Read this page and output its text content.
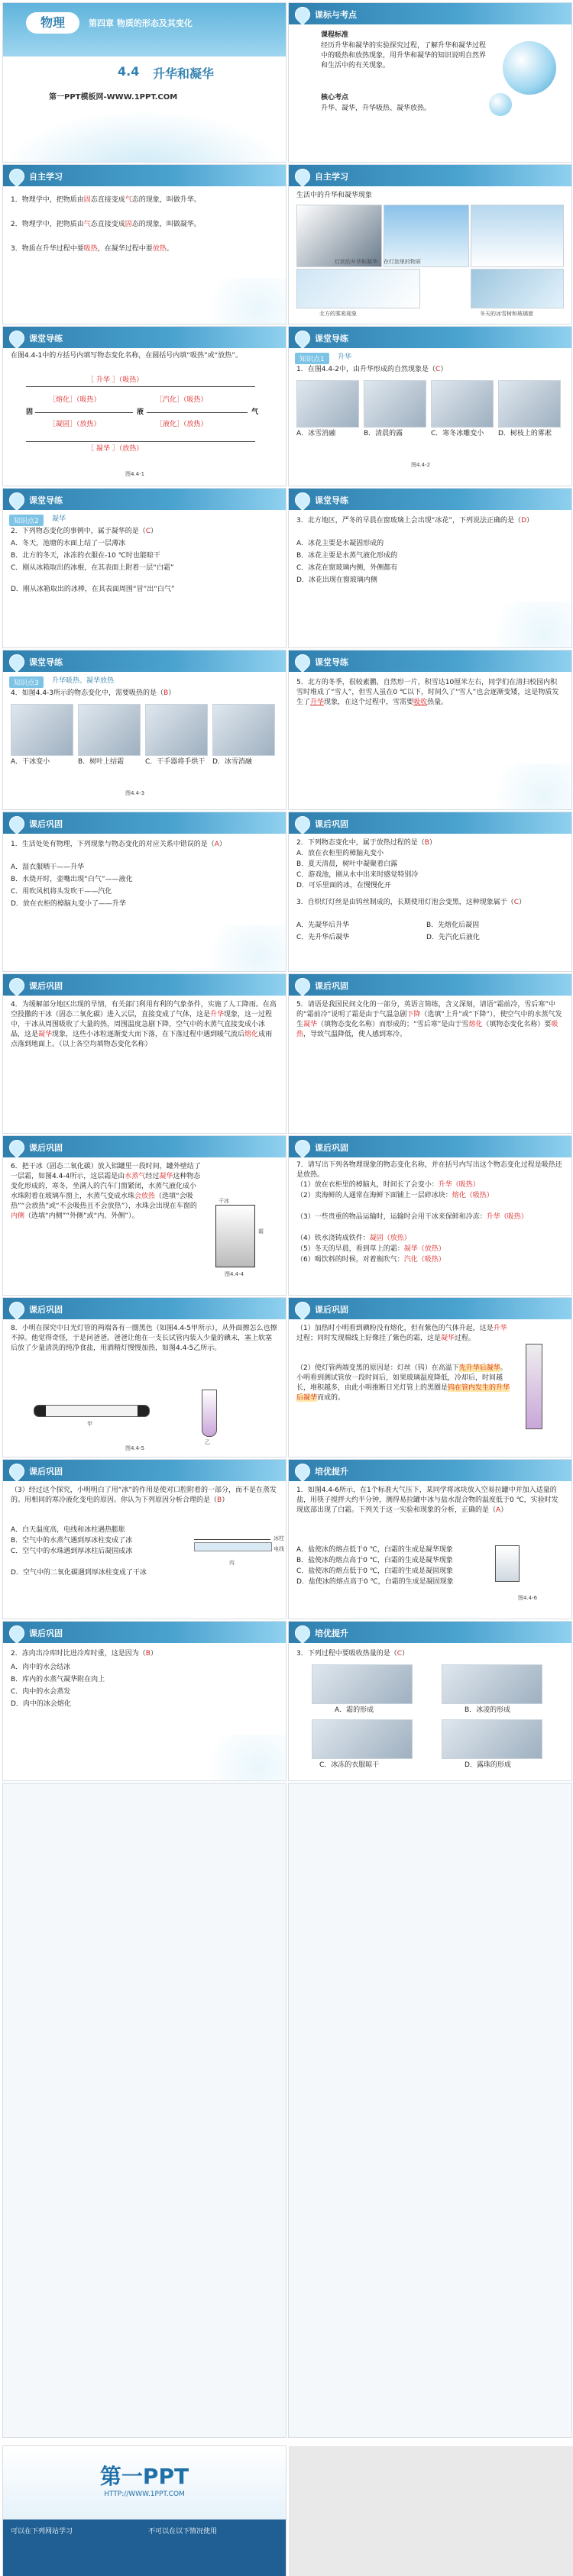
物理	第四章 物质的形态及其变化
4.4 升华和凝华
第一PPT模板网-WWW.1PPT.COM
课标与考点
课程标准
经历升华和凝华的实验探究过程，了解升华和凝华过程中的吸热和放热现象，用升华和凝华的知识说明自然界和生活中的有关现象。
核心考点
升华、凝华，升华吸热、凝华放热。
自主学习
1．物理学中，把物质由固态直接变成气态的现象，叫做升华。
2．物理学中，把物质由气态直接变成固态的现象，叫做凝华。
3．物质在升华过程中要吸热，在凝华过程中要放热。
自主学习
生活中的升华和凝华现象
灯丝的升华和凝华 在灯泡里的物质
北方的雾凇现象	冬天的冰雪树和玻璃窗
课堂导练
在图4.4-1中的方括号内填写物态变化名称，在圆括号内填“吸热”或“放热”。
［ 升华 ］（吸热）
［熔化］（吸热）	［汽化］（吸热）
固	液	气
［凝固］（放热）	［液化］（放热）
［ 凝华 ］（放热）
图4.4-1
课堂导练
知识点1	升华
1．在图4.4-2中，由升华形成的自然现象是（C）
A．冰雪消融	B．清晨的露	C．寒冬冰雕变小	D．树枝上的雾凇
图4.4-2
课堂导练
知识点2	凝华
2．下列物态变化的事例中，属于凝华的是（C）
A．冬天，池塘的水面上结了一层薄冰
B．北方的冬天，冰冻的衣服在-10 ℃时也能晾干
C．刚从冰箱取出的冰棍，在其表面上附着一层“白霜”
D．刚从冰箱取出的冰棒，在其表面周围“冒”出“白气”
课堂导练
3．北方地区，严冬的早晨在窗玻璃上会出现“冰花”，下列说法正确的是（D）
A．冰花主要是水凝固形成的
B．冰花主要是水蒸气液化形成的
C．冰花在窗玻璃内侧，外侧都有
D．冰花出现在窗玻璃内侧
课堂导练
知识点3	升华吸热、凝华放热
4．如图4.4-3所示的物态变化中，需要吸热的是（B）
A．干冰变小	B．树叶上结霜	C．干手器将手烘干 D．冰雪消融
图4.4-3
课堂导练
5．北方的冬季，很较素鹏，自然形一片，积雪达10厘米左右，同学们在清扫校园内积雪时堆成了“雪人”，但雪人虽在0 ℃以下，时间久了“雪人”也会逐渐变矮，这是物质发生了升华现象，在这个过程中，雪需要吸收热量。
课后巩固
1．生活处处有物理，下列现象与物态变化的对应关系中错误的是（A）
A．湿衣服晒干——升华
B．水烧开时，壶嘴出现“白气”——液化
C．用吹风机将头发吹干——汽化
D．放在衣柜的樟脑丸变小了——升华
课后巩固
2．下列物态变化中，属于放热过程的是（B）
A．放在衣柜里的樟脑丸变小
B．夏天清晨，树叶中凝聚着白露
C．游戏池，刚从水中出来时感觉特别冷
D．可乐里面的冰，在慢慢化开
3．自炽灯灯丝是由钨丝制成的，长期使用灯泡会变黑，这种现象属于（C）
A．先凝华后升华	B．先熔化后凝固
C．先升华后凝华	D．先汽化后液化
课后巩固
4．为缓解部分地区出现的旱情，有关部门利用有利的气象条件，实施了人工降雨。在高空投撒的干冰（固态二氧化碳）进入云层，直接变成了气体，这是升华现象，这一过程中，干冰从周围吸收了大量的热，周围温度急剧下降，空气中的水蒸气直接变成小冰晶，这是凝华现象，这些小冰粒逐渐变大而下落，在下落过程中遇到暖气流后熔化成雨点落到地面上。（以上各空均填物态变化名称）
课后巩固
5．请语是我国民间文化的一部分，英语言简练，含义深刻，请语“霜前冷，雪后寒”中的“霜前冷”说明了霜是由于气温急剧下降（选填“上升”或“下降”），使空气中的水蒸气发生凝华（填物态变化名称）而形成的；“雪后寒”是由于雪熔化（填物态变化名称）要吸热，导致气温降低，使人感到寒冷。
课后巩固
6．把干冰（固态二氧化碳）放入铝罐里一段时间，罐外壁结了一层霜，如图4.4-4所示，这层霜是由水蒸气经过凝华这种物态变化形成的，寒冬，坐满人的汽车门窗紧闭，水蒸气液化成小水珠附着在玻璃车窗上，水蒸气变成水珠会放热（选填“会吸热”“会放热”或“不会吸热且不会放热”），水珠会出现在车窗的内侧（选填“内侧”“外侧”或“内、外侧”）。
干冰
霜
图4.4-4
课后巩固
7．请写出下列各物理现象的物态变化名称，并在括号内写出这个物态变化过程是吸热还是放热。
（1）放在衣柜里的樟脑丸，时间长了会变小：升华（吸热）
（2）卖海鲜的人通常在海鲜下面铺上一层碎冰块：熔化（吸热）
（3）一些贵重的物品运输时，运输时会用干冰来保鲜和冷冻：升华（吸热）
（4）铁水浇铸成铁件：凝固（放热）
（5）冬天的早晨，看到草上的霜：凝华（放热）
（6）喝饮料的时候，对着瓶吹气：汽化（吸热）
课后巩固
8．小明在探究中日光灯管的两端各有一圈黑色（如图4.4-5甲所示），从外面擦怎么也擦不掉。他觉得奇怪，于是问爸爸。爸爸让他在一支长试管内装入少量的碘末，塞上软塞后放了少量清洗的纯净食盐，用酒精灯慢慢加热，如图4.4-5乙所示。
甲
乙
图4.4-5
课后巩固
（1）加热时小明看到碘粉没有熔化，但有紫色的气体升起，这是升华过程；同时发现棉线上好像挂了紫色的霜，这是凝华过程。
（2）使灯管两端变黑的原因是：灯丝（钨）在高温下先升华后凝华。小明看到测试管放一段时间后，如果玻璃温度降低，冷却后，时间越长，堆积越多，由此小明推断日光灯管上的黑圈是钨在管内发生的升华后凝华而成的。
课后巩固
（3）经过这个探究，小明明白了用“冰”的作用是使对口腔附着的一部分，而不是在蒸发的。用相同的寒冷液化变电的原因。你认为下列原因分析合理的是（B）
A．白天温度高，电线和冰柱遇热膨胀
B．空气中的水蒸气遇到厚冰柱变成了冰
C．空气中的水珠遇到厚冰柱后凝固成冰
D．空气中的二氧化碳遇到厚冰柱变成了干冰
冰柱
电线
丙
培优提升
1．如图4.4-6所示，在1个标准大气压下，某同学将冰块放入空易拉罐中并加入适量的盐，用筷子搅拌大约半分钟，测得易拉罐中冰与盐水混合物的温度低于0 ℃，实验时发现底部出现了白霜。下列关于这一实验和现象的分析，正确的是（A）
A．盐使冰的熔点低于0 ℃，白霜的生成是凝华现象
B．盐使冰的熔点高于0 ℃，白霜的生成是凝华现象
C．盐使冰的熔点低于0 ℃，白霜的生成是凝固现象
D．盐使冰的熔点高于0 ℃，白霜的生成是凝固现象
图4.4-6
课后巩固
2．冻肉出冷库时比进冷库时重，这是因为（B）
A．肉中的水会结冰
B．库内的水蒸气凝华附在肉上
C．肉中的水会蒸发
D．肉中的冰会熔化
培优提升
3．下列过程中要吸收热量的是（C）
A．霜的形成	B．冰凌的形成
C．冰冻的衣服晾干	D．露珠的形成
第一PPT
HTTP://WWW.1PPT.COM
可以在下列网站学习	不可以在以下情况使用
